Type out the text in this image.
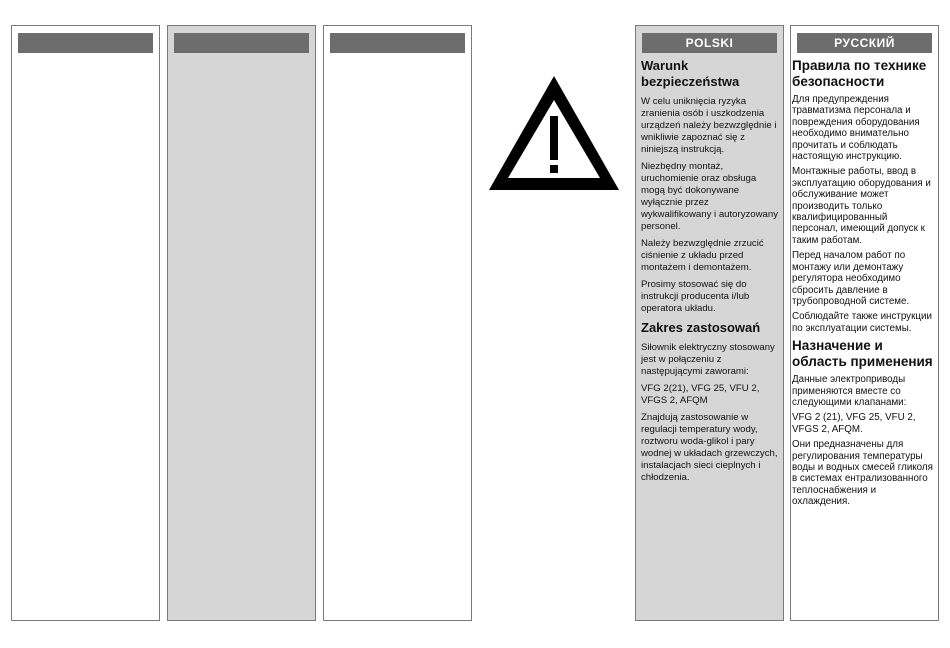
POLSKI
Warunk bezpieczeństwa
W celu uniknięcia ryzyka zranienia osób i uszkodzenia urządzeń należy bezwzględnie i wnikliwie zapoznać się z niniejszą instrukcją.
Niezbędny montaż, uruchomienie oraz obsługa mogą być dokonywane wyłącznie przez wykwalifikowany i autoryzowany personel.
Należy bezwzględnie zrzucić ciśnienie z układu przed montażem i demontażem.
Prosimy stosować się do instrukcji producenta i/lub operatora układu.
Zakres zastosowań
Siłownik elektryczny stosowany jest w połączeniu z następującymi zaworami:
VFG 2(21), VFG 25, VFU 2, VFGS 2, AFQM
Znajdują zastosowanie w regulacji temperatury wody, roztworu woda-glikol i pary wodnej w układach grzewczych, instalacjach sieci cieplnych i chłodzenia.
РУССКИЙ
Правила по технике безопасности
Для предупреждения травматизма персонала и повреждения оборудования необходимо внимательно прочитать и соблюдать настоящую инструкцию.
Монтажные работы, ввод в эксплуатацию оборудования и обслуживание может производить только квалифицированный персонал, имеющий допуск к таким работам.
Перед началом работ по монтажу или демонтажу регулятора необходимо сбросить давление в трубопроводной системе.
Соблюдайте также инструкции по эксплуатации системы.
Назначение и область применения
Данные электроприводы применяются вместе со следующими клапанами:
VFG 2 (21), VFG 25, VFU 2, VFGS 2, AFQM.
Они предназначены для регулирования температуры воды и водных смесей гликоля в системах ентрализованного теплоснабжения и охлаждения.
